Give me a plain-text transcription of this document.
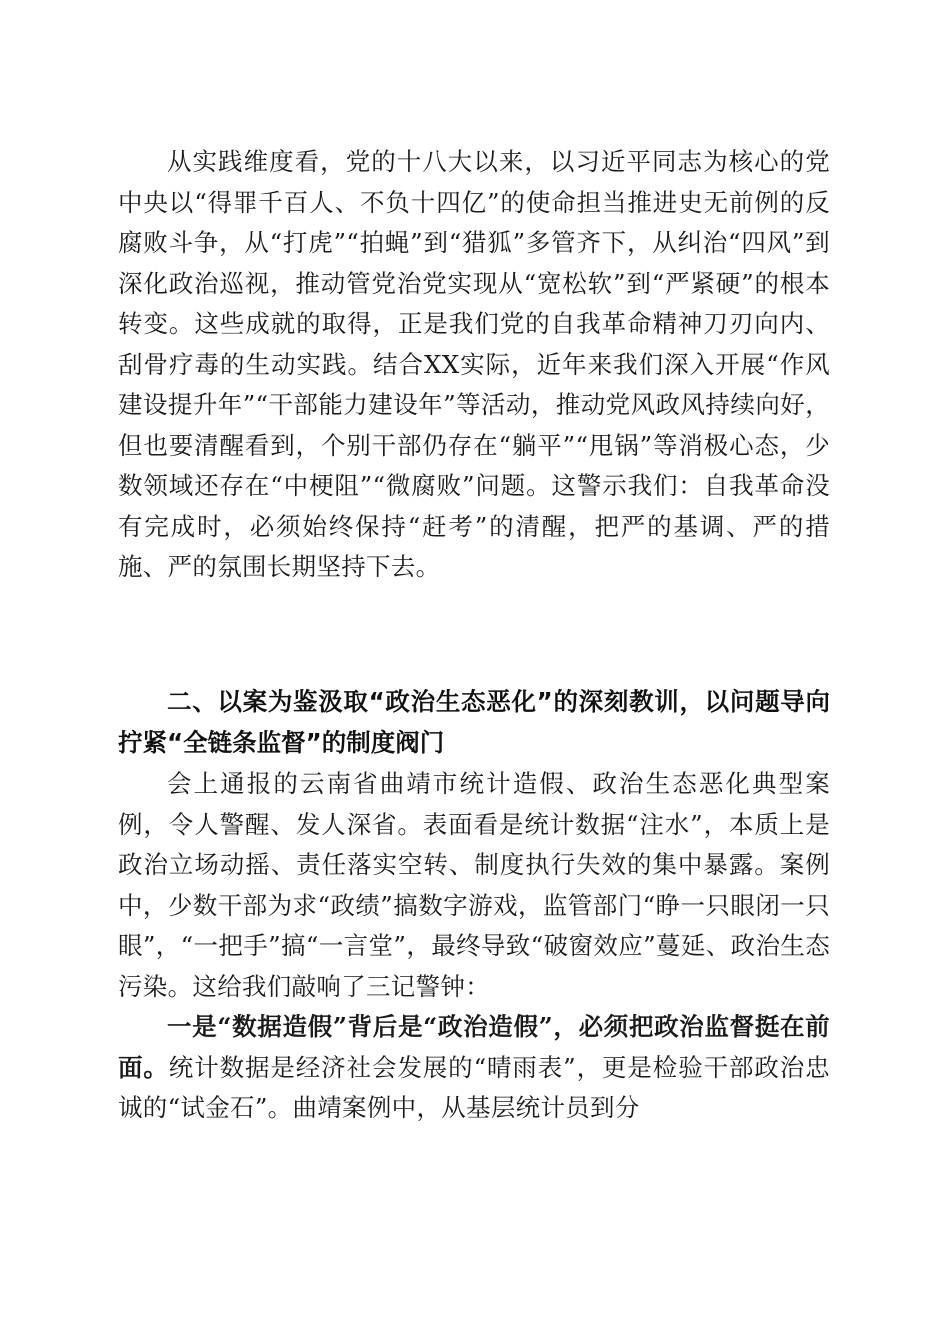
从实践维度看，党的十八大以来，以习近平同志为核心的党中央以“得罪千百人、不负十四亿”的使命担当推进史无前例的反腐败斗争，从“打虎”“拍蝇”到“猎狐”多管齐下，从纠治“四风”到深化政治巡视，推动管党治党实现从“宽松软”到“严紧硬”的根本转变。这些成就的取得，正是我们党的自我革命精神刀刃向内、刮骨疗毒的生动实践。结合XX实际，近年来我们深入开展“作风建设提升年”“干部能力建设年”等活动，推动党风政风持续向好，但也要清醒看到，个别干部仍存在“躺平”“甩锅”等消极心态，少数领域还存在“中梗阻”“微腐败”问题。这警示我们：自我革命没有完成时，必须始终保持“赶考”的清醒，把严的基调、严的措施、严的氛围长期坚持下去。

二、以案为鉴汲取“政治生态恶化”的深刻教训，以问题导向拧紧“全链条监督”的制度阀门

会上通报的云南省曲靖市统计造假、政治生态恶化典型案例，令人警醒、发人深省。表面看是统计数据“注水”，本质上是政治立场动摇、责任落实空转、制度执行失效的集中暴露。案例中，少数干部为求“政绩”搞数字游戏，监管部门“睁一只眼闭一只眼”，“一把手”搞“一言堂”，最终导致“破窗效应”蔓延、政治生态污染。这给我们敲响了三记警钟：

一是“数据造假”背后是“政治造假”，必须把政治监督挺在前面。统计数据是经济社会发展的“晴雨表”，更是检验干部政治忠诚的“试金石”。曲靖案例中，从基层统计员到分
